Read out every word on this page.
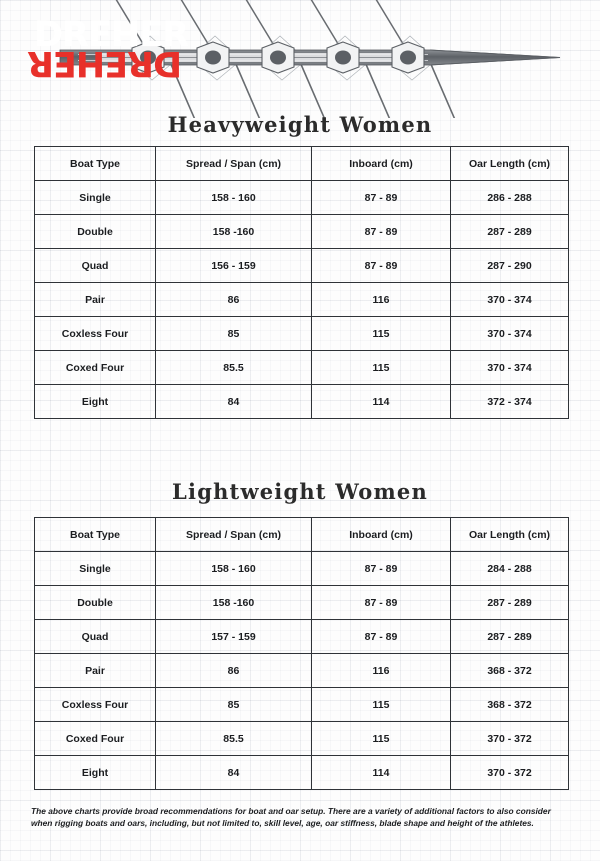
DREHER
DREHER
Heavyweight Women
Boat Type	Spread / Span (cm)	Inboard (cm)	Oar Length (cm)
Single	158 - 160	87 - 89	286 - 288
Double	158 -160	87 - 89	287 - 289
Quad	156 - 159	87 - 89	287 - 290
Pair	86	116	370 - 374
Coxless Four	85	115	370 - 374
Coxed Four	85.5	115	370 - 374
Eight	84	114	372 - 374
Lightweight Women
Boat Type	Spread / Span (cm)	Inboard (cm)	Oar Length (cm)
Single	158 - 160	87 - 89	284 - 288
Double	158 -160	87 - 89	287 - 289
Quad	157 - 159	87 - 89	287 - 289
Pair	86	116	368 - 372
Coxless Four	85	115	368 - 372
Coxed Four	85.5	115	370 - 372
Eight	84	114	370 - 372
The above charts provide broad recommendations for boat and oar setup. There are a variety of additional factors to also consider when rigging boats and oars, including, but not limited to, skill level, age, oar stiffness, blade shape and height of the athletes.
